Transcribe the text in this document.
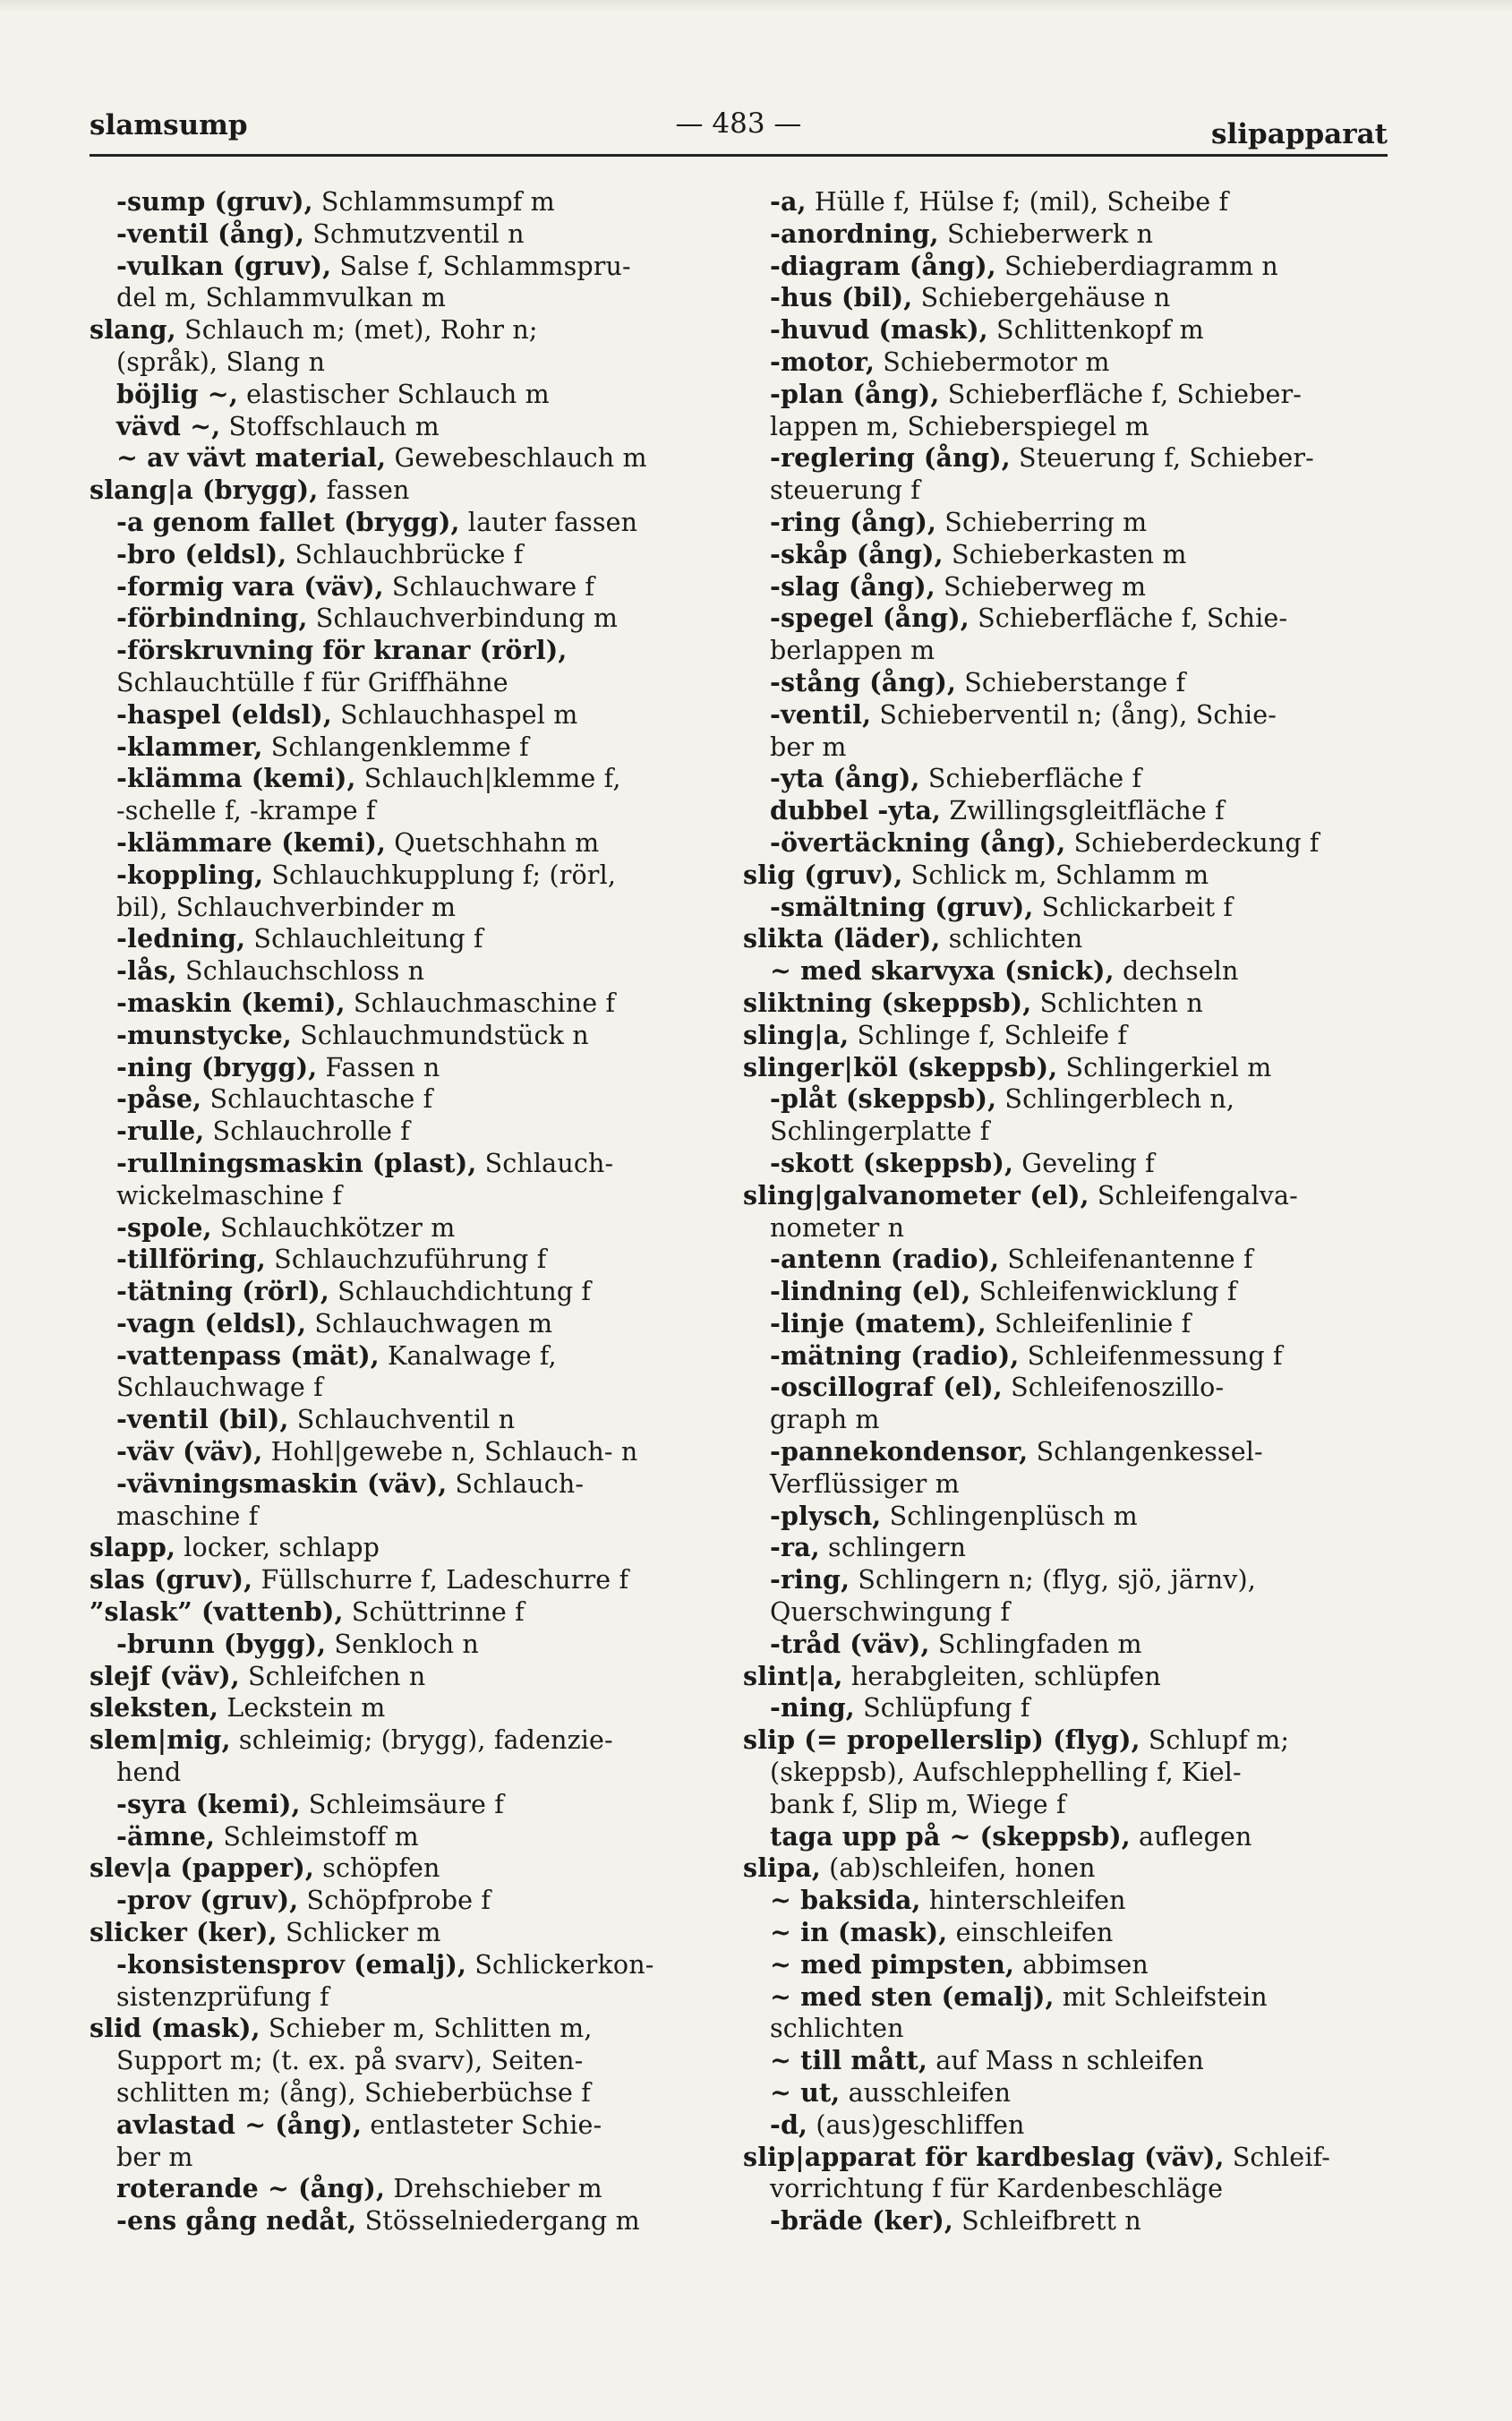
slamsump	— 483 —	slipapparat
-sump (gruv), Schlammsumpf m
-ventil (ång), Schmutzventil n
-vulkan (gruv), Salse f, Schlammspru-
del m, Schlammvulkan m
slang, Schlauch m; (met), Rohr n;
(språk), Slang n
böjlig ~, elastischer Schlauch m
vävd ~, Stoffschlauch m
~ av vävt material, Gewebeschlauch m
slang|a (brygg), fassen
-a genom fallet (brygg), lauter fassen
-bro (eldsl), Schlauchbrücke f
-formig vara (väv), Schlauchware f
-förbindning, Schlauchverbindung m
-förskruvning för kranar (rörl),
Schlauchtülle f für Griffhähne
-haspel (eldsl), Schlauchhaspel m
-klammer, Schlangenklemme f
-klämma (kemi), Schlauch|klemme f,
-schelle f, -krampe f
-klämmare (kemi), Quetschhahn m
-koppling, Schlauchkupplung f; (rörl,
bil), Schlauchverbinder m
-ledning, Schlauchleitung f
-lås, Schlauchschloss n
-maskin (kemi), Schlauchmaschine f
-munstycke, Schlauchmundstück n
-ning (brygg), Fassen n
-påse, Schlauchtasche f
-rulle, Schlauchrolle f
-rullningsmaskin (plast), Schlauch-
wickelmaschine f
-spole, Schlauchkötzer m
-tillföring, Schlauchzuführung f
-tätning (rörl), Schlauchdichtung f
-vagn (eldsl), Schlauchwagen m
-vattenpass (mät), Kanalwage f,
Schlauchwage f
-ventil (bil), Schlauchventil n
-väv (väv), Hohl|gewebe n, Schlauch- n
-vävningsmaskin (väv), Schlauch-
maschine f
slapp, locker, schlapp
slas (gruv), Füllschurre f, Ladeschurre f
”slask” (vattenb), Schüttrinne f
-brunn (bygg), Senkloch n
slejf (väv), Schleifchen n
sleksten, Leckstein m
slem|mig, schleimig; (brygg), fadenzie-
hend
-syra (kemi), Schleimsäure f
-ämne, Schleimstoff m
slev|a (papper), schöpfen
-prov (gruv), Schöpfprobe f
slicker (ker), Schlicker m
-konsistensprov (emalj), Schlickerkon-
sistenzprüfung f
slid (mask), Schieber m, Schlitten m,
Support m; (t. ex. på svarv), Seiten-
schlitten m; (ång), Schieberbüchse f
avlastad ~ (ång), entlasteter Schie-
ber m
roterande ~ (ång), Drehschieber m
-ens gång nedåt, Stösselniedergang m
-a, Hülle f, Hülse f; (mil), Scheibe f
-anordning, Schieberwerk n
-diagram (ång), Schieberdiagramm n
-hus (bil), Schiebergehäuse n
-huvud (mask), Schlittenkopf m
-motor, Schiebermotor m
-plan (ång), Schieberfläche f, Schieber-
lappen m, Schieberspiegel m
-reglering (ång), Steuerung f, Schieber-
steuerung f
-ring (ång), Schieberring m
-skåp (ång), Schieberkasten m
-slag (ång), Schieberweg m
-spegel (ång), Schieberfläche f, Schie-
berlappen m
-stång (ång), Schieberstange f
-ventil, Schieberventil n; (ång), Schie-
ber m
-yta (ång), Schieberfläche f
dubbel -yta, Zwillingsgleitfläche f
-övertäckning (ång), Schieberdeckung f
slig (gruv), Schlick m, Schlamm m
-smältning (gruv), Schlickarbeit f
slikta (läder), schlichten
~ med skarvyxa (snick), dechseln
sliktning (skeppsb), Schlichten n
sling|a, Schlinge f, Schleife f
slinger|köl (skeppsb), Schlingerkiel m
-plåt (skeppsb), Schlingerblech n,
Schlingerplatte f
-skott (skeppsb), Geveling f
sling|galvanometer (el), Schleifengalva-
nometer n
-antenn (radio), Schleifenantenne f
-lindning (el), Schleifenwicklung f
-linje (matem), Schleifenlinie f
-mätning (radio), Schleifenmessung f
-oscillograf (el), Schleifenoszillo-
graph m
-pannekondensor, Schlangenkessel-
Verflüssiger m
-plysch, Schlingenplüsch m
-ra, schlingern
-ring, Schlingern n; (flyg, sjö, järnv),
Querschwingung f
-tråd (väv), Schlingfaden m
slint|a, herabgleiten, schlüpfen
-ning, Schlüpfung f
slip (= propellerslip) (flyg), Schlupf m;
(skeppsb), Aufschlepphelling f, Kiel-
bank f, Slip m, Wiege f
taga upp på ~ (skeppsb), auflegen
slipa, (ab)schleifen, honen
~ baksida, hinterschleifen
~ in (mask), einschleifen
~ med pimpsten, abbimsen
~ med sten (emalj), mit Schleifstein
schlichten
~ till mått, auf Mass n schleifen
~ ut, ausschleifen
-d, (aus)geschliffen
slip|apparat för kardbeslag (väv), Schleif-
vorrichtung f für Kardenbeschläge
-bräde (ker), Schleifbrett n
